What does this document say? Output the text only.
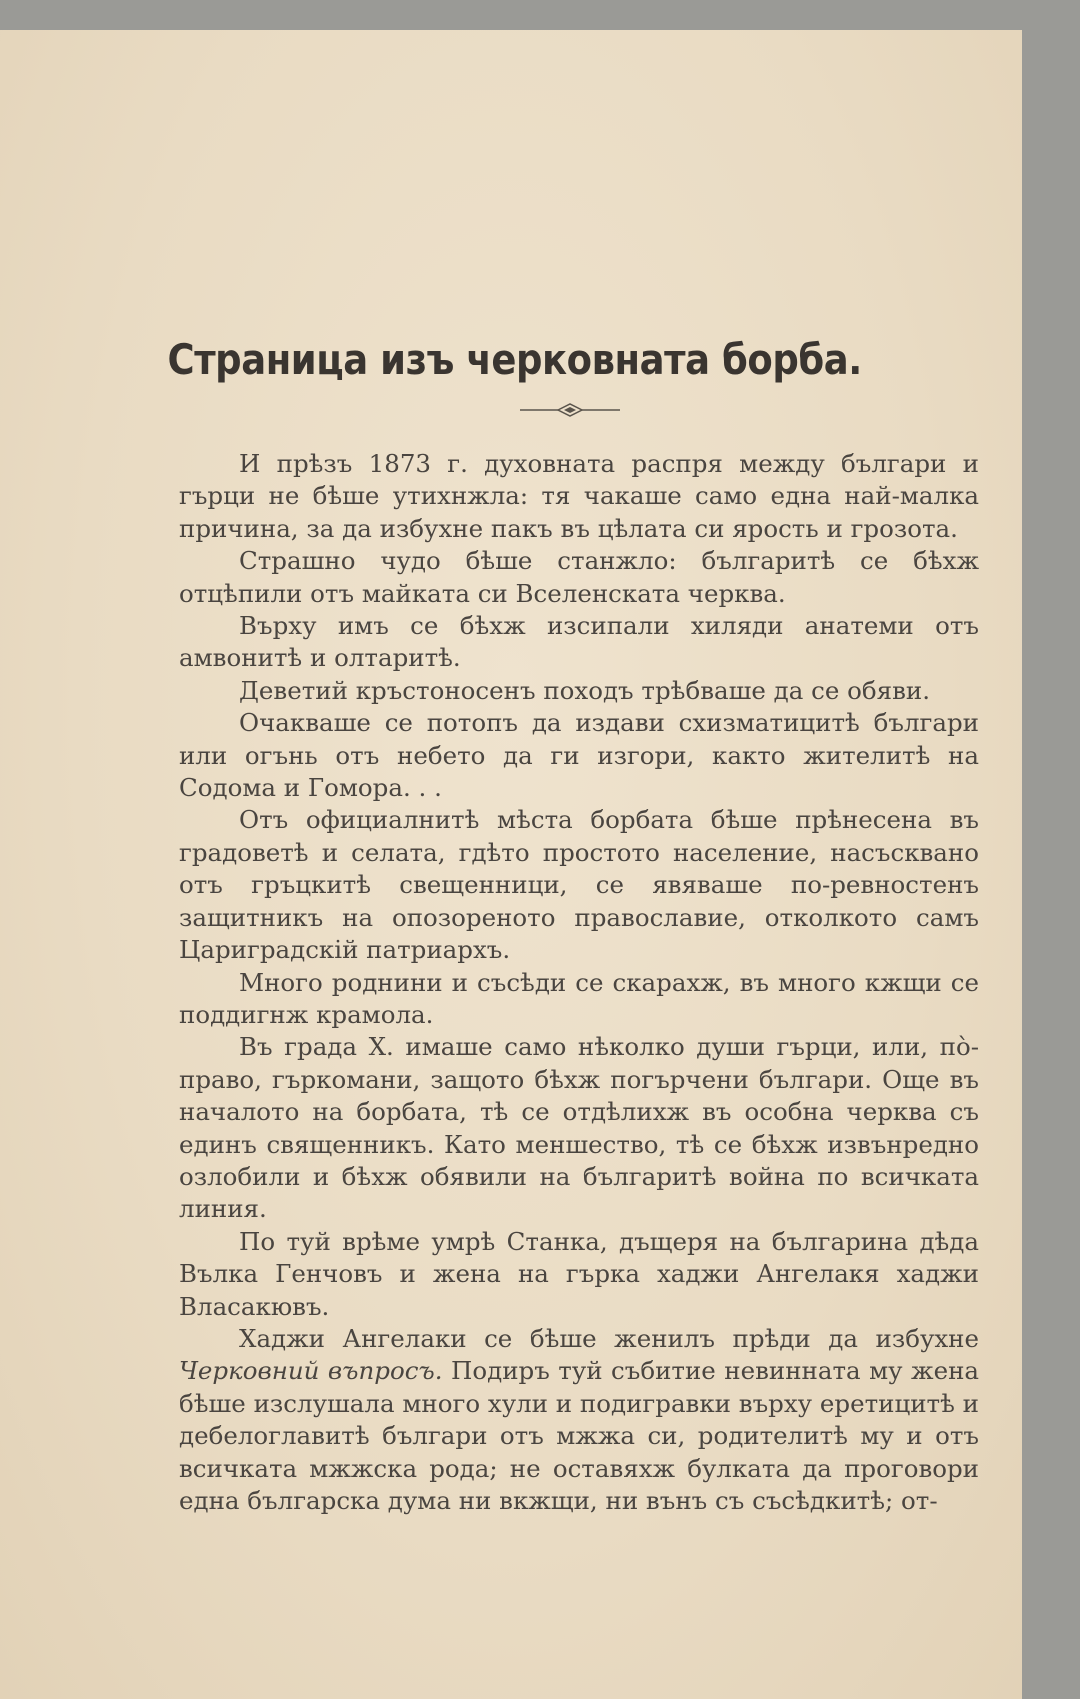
Страница изъ черковната борба.

И прѣзъ 1873 г. духовната распря между българи и гърци не бѣше утихнжла: тя чакаше само една най-малка причина, за да избухне пакъ въ цѣлата си ярость и грозота.

Страшно чудо бѣше станжло: българитѣ се бѣхж отцѣпили отъ майката си Вселенската черква.

Върху имъ се бѣхж изсипали хиляди анатеми отъ амвонитѣ и олтаритѣ.

Деветий кръстоносенъ походъ трѣбваше да се обяви.

Очакваше се потопъ да издави схизматицитѣ българи или огънь отъ небето да ги изгори, както жителитѣ на Содома и Гомора. . .

Отъ официалнитѣ мѣста борбата бѣше прѣнесена въ градоветѣ и селата, гдѣто простото население, насъсквано отъ гръцкитѣ свещенници, се явяваше по-ревностенъ защитникъ на опозореното православие, отколкото самъ Цариградскій патриархъ.

Много роднини и съсѣди се скарахж, въ много кжщи се поддигнж крамола.

Въ града Х. имаше само нѣколко души гърци, или, пò-право, гъркомани, защото бѣхж погърчени българи. Още въ началото на борбата, тѣ се отдѣлихж въ особна черква съ единъ священникъ. Като меншество, тѣ се бѣхж извънредно озлобили и бѣхж обявили на българитѣ война по всичката линия.

По туй врѣме умрѣ Станка, дъщеря на българина дѣда Вълка Генчовъ и жена на гърка хаджи Ангелакя хаджи Власакювъ.

Хаджи Ангелаки се бѣше женилъ прѣди да избухне Черковний въпросъ. Подиръ туй събитие невинната му жена бѣше изслушала много хули и подигравки върху еретицитѣ и дебелоглавитѣ българи отъ мжжа си, родителитѣ му и отъ всичката мжжска рода; не оставяхж булката да проговори една българска дума ни вкжщи, ни вънъ съ съсѣдкитѣ; от-
